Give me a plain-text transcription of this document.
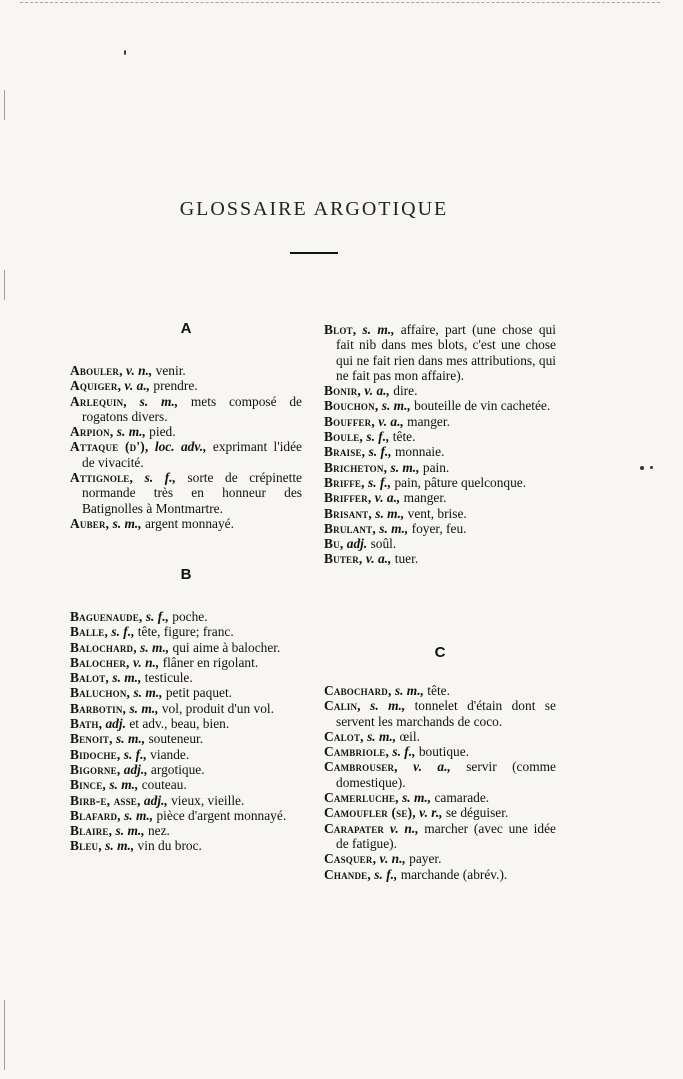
GLOSSAIRE ARGOTIQUE
A
Abouler, v. n., venir.
Aquiger, v. a., prendre.
Arlequin, s. m., mets composé de rogatons divers.
Arpion, s. m., pied.
Attaque (d'), loc. adv., exprimant l'idée de vivacité.
Attignole, s. f., sorte de crépinette normande très en honneur des Batignolles à Montmartre.
Auber, s. m., argent monnayé.
B
Baguenaude, s. f., poche.
Balle, s. f., tête, figure; franc.
Balochard, s. m., qui aime à balocher.
Balocher, v. n., flâner en rigolant.
Balot, s. m., testicule.
Baluchon, s. m., petit paquet.
Barbotin, s. m., vol, produit d'un vol.
Bath, adj. et adv., beau, bien.
Benoit, s. m., souteneur.
Bidoche, s. f., viande.
Bigorne, adj., argotique.
Bince, s. m., couteau.
Birb-e, asse, adj., vieux, vieille.
Blafard, s. m., pièce d'argent monnayé.
Blaire, s. m., nez.
Bleu, s. m., vin du broc.
Blot, s. m., affaire, part (une chose qui fait nib dans mes blots, c'est une chose qui ne fait rien dans mes attributions, qui ne fait pas mon affaire).
Bonir, v. a., dire.
Bouchon, s. m., bouteille de vin cachetée.
Bouffer, v. a., manger.
Boule, s. f., tête.
Braise, s. f., monnaie.
Bricheton, s. m., pain.
Briffe, s. f., pain, pâture quelconque.
Briffer, v. a., manger.
Brisant, s. m., vent, brise.
Brulant, s. m., foyer, feu.
Bu, adj. soûl.
Buter, v. a., tuer.
C
Cabochard, s. m., tête.
Calin, s. m., tonnelet d'étain dont se servent les marchands de coco.
Calot, s. m., œil.
Cambriole, s. f., boutique.
Cambrouser, v. a., servir (comme domestique).
Camerluche, s. m., camarade.
Camoufler (se), v. r., se déguiser.
Carapater v. n., marcher (avec une idée de fatigue).
Casquer, v. n., payer.
Chande, s. f., marchande (abrév.).
